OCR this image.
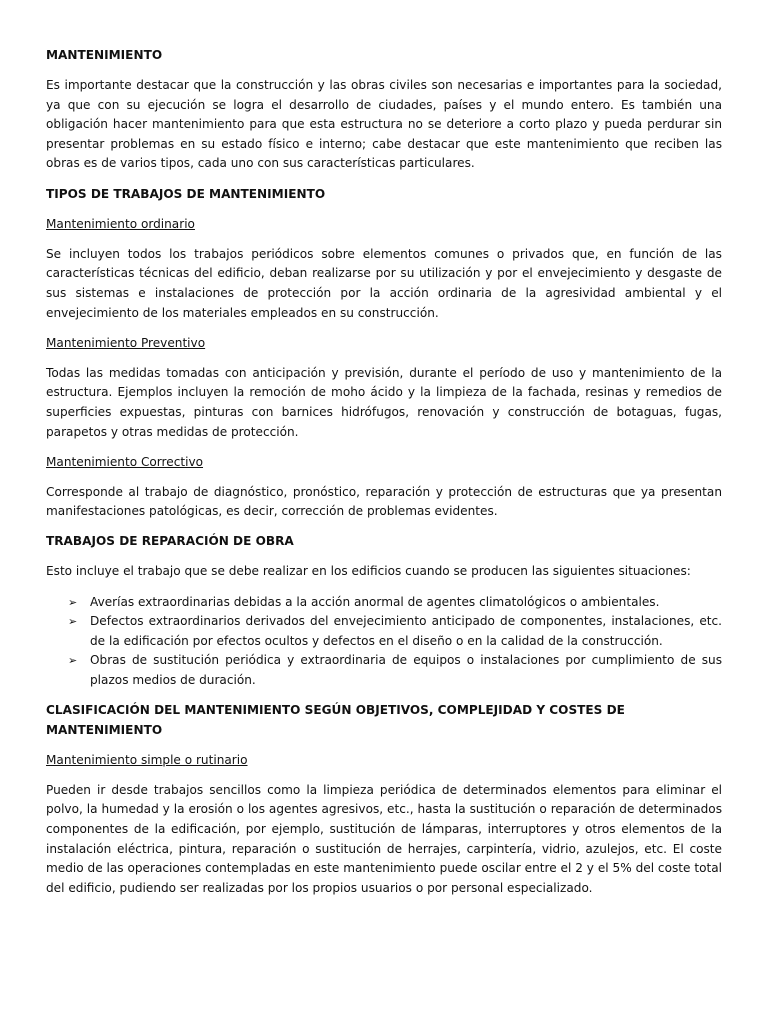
MANTENIMIENTO

Es importante destacar que la construcción y las obras civiles son necesarias e importantes para la sociedad, ya que con su ejecución se logra el desarrollo de ciudades, países y el mundo entero. Es también una obligación hacer mantenimiento para que esta estructura no se deteriore a corto plazo y pueda perdurar sin presentar problemas en su estado físico e interno; cabe destacar que este mantenimiento que reciben las obras es de varios tipos, cada uno con sus características particulares.

TIPOS DE TRABAJOS DE MANTENIMIENTO
Mantenimiento ordinario

Se incluyen todos los trabajos periódicos sobre elementos comunes o privados que, en función de las características técnicas del edificio, deban realizarse por su utilización y por el envejecimiento y desgaste de sus sistemas e instalaciones de protección por la acción ordinaria de la agresividad ambiental y el envejecimiento de los materiales empleados en su construcción.

Mantenimiento Preventivo

Todas las medidas tomadas con anticipación y previsión, durante el período de uso y mantenimiento de la estructura. Ejemplos incluyen la remoción de moho ácido y la limpieza de la fachada, resinas y remedios de superficies expuestas, pinturas con barnices hidrófugos, renovación y construcción de botaguas, fugas, parapetos y otras medidas de protección.

Mantenimiento Correctivo

Corresponde al trabajo de diagnóstico, pronóstico, reparación y protección de estructuras que ya presentan manifestaciones patológicas, es decir, corrección de problemas evidentes.

TRABAJOS DE REPARACIÓN DE OBRA

Esto incluye el trabajo que se debe realizar en los edificios cuando se producen las siguientes situaciones:

➢ Averías extraordinarias debidas a la acción anormal de agentes climatológicos o ambientales.
➢ Defectos extraordinarios derivados del envejecimiento anticipado de componentes, instalaciones, etc. de la edificación por efectos ocultos y defectos en el diseño o en la calidad de la construcción.
➢ Obras de sustitución periódica y extraordinaria de equipos o instalaciones por cumplimiento de sus plazos medios de duración.
CLASIFICACIÓN DEL MANTENIMIENTO SEGÚN OBJETIVOS, COMPLEJIDAD Y COSTES DE MANTENIMIENTO
Mantenimiento simple o rutinario

Pueden ir desde trabajos sencillos como la limpieza periódica de determinados elementos para eliminar el polvo, la humedad y la erosión o los agentes agresivos, etc., hasta la sustitución o reparación de determinados componentes de la edificación, por ejemplo, sustitución de lámparas, interruptores y otros elementos de la instalación eléctrica, pintura, reparación o sustitución de herrajes, carpintería, vidrio, azulejos, etc. El coste medio de las operaciones contempladas en este mantenimiento puede oscilar entre el 2 y el 5% del coste total del edificio, pudiendo ser realizadas por los propios usuarios o por personal especializado.
